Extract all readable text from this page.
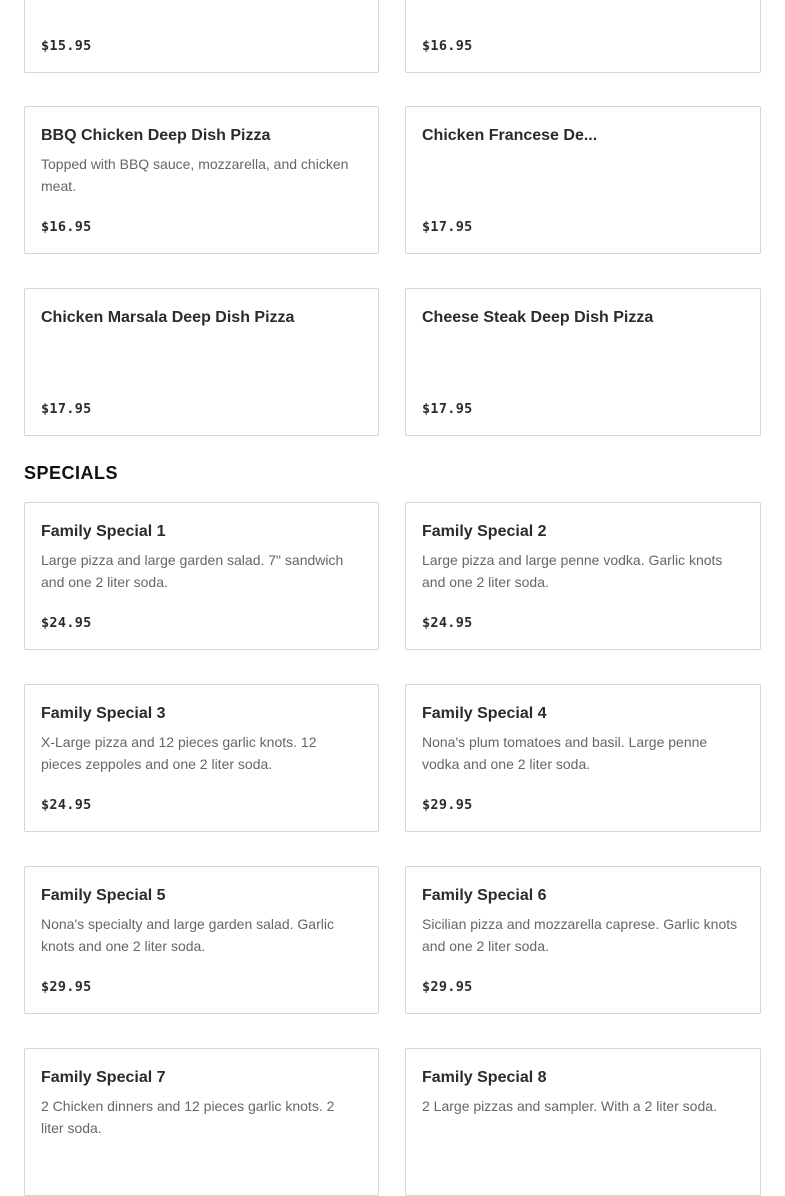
$15.95	$16.95
BBQ Chicken Deep Dish Pizza
Topped with BBQ sauce, mozzarella, and chicken meat.
$16.95
Chicken Francese De...
$17.95
Chicken Marsala Deep Dish Pizza
$17.95
Cheese Steak Deep Dish Pizza
$17.95
SPECIALS
Family Special 1
Large pizza and large garden salad. 7" sandwich and one 2 liter soda.
$24.95
Family Special 2
Large pizza and large penne vodka. Garlic knots and one 2 liter soda.
$24.95
Family Special 3
X-Large pizza and 12 pieces garlic knots. 12 pieces zeppoles and one 2 liter soda.
$24.95
Family Special 4
Nona's plum tomatoes and basil. Large penne vodka and one 2 liter soda.
$29.95
Family Special 5
Nona's specialty and large garden salad. Garlic knots and one 2 liter soda.
$29.95
Family Special 6
Sicilian pizza and mozzarella caprese. Garlic knots and one 2 liter soda.
$29.95
Family Special 7
2 Chicken dinners and 12 pieces garlic knots. 2 liter soda.
Family Special 8
2 Large pizzas and sampler. With a 2 liter soda.
